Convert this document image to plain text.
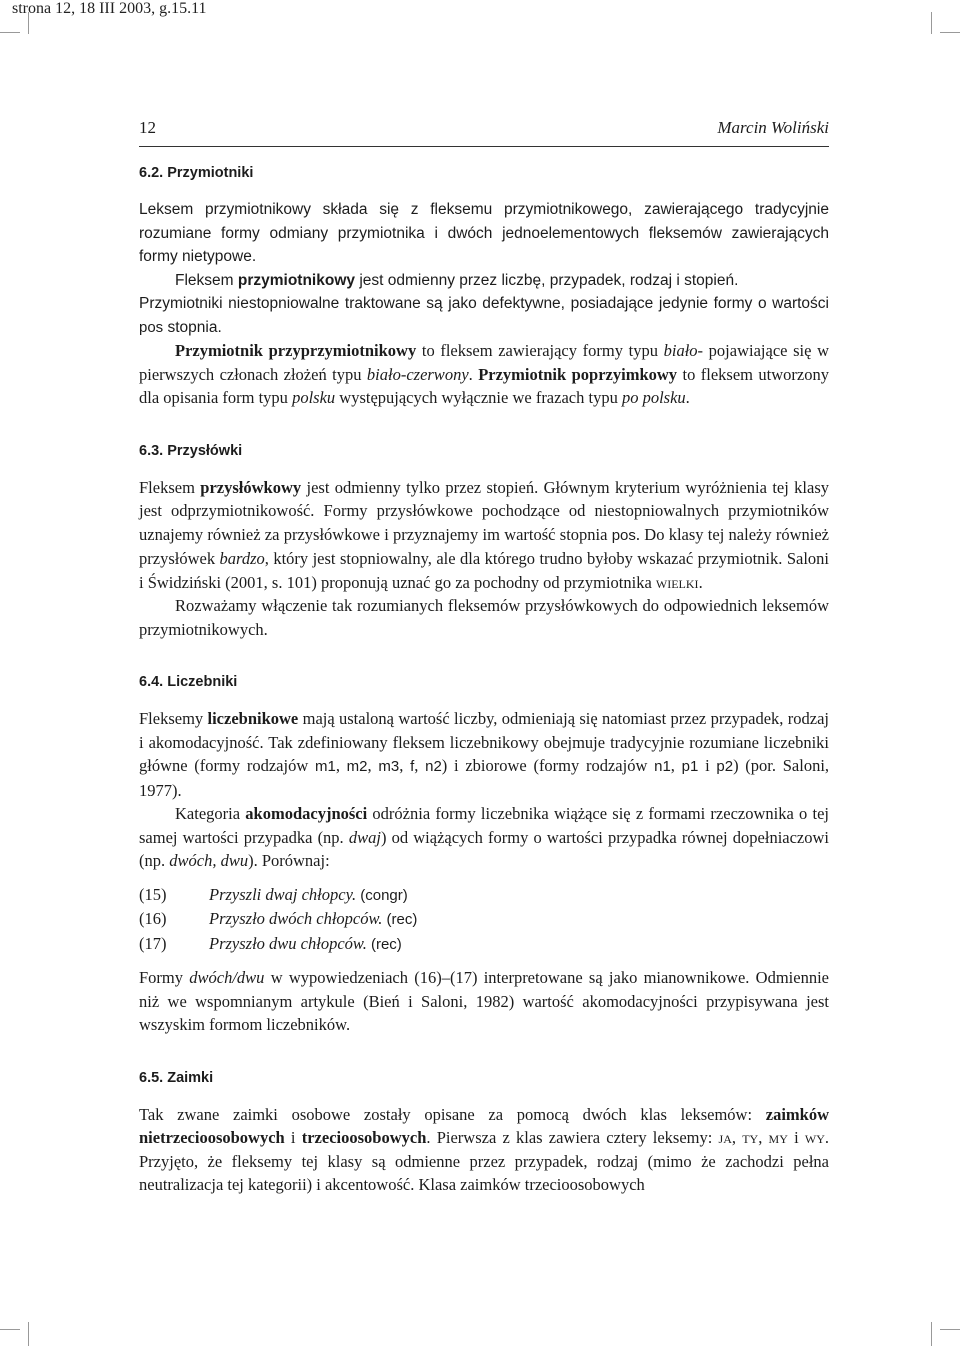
strona 12, 18 III 2003, g.15.11
12	Marcin Woliński
6.2. Przymiotniki

Leksem przymiotnikowy składa się z fleksemu przymiotnikowego, zawierającego tradycyjnie rozumiane formy odmiany przymiotnika i dwóch jednoelementowych fleksemów zawierających formy nietypowe.

Fleksem przymiotnikowy jest odmienny przez liczbę, przypadek, rodzaj i stopień.

Przymiotniki niestopniowalne traktowane są jako defektywne, posiadające jedynie formy o wartości pos stopnia.

Przymiotnik przyprzymiotnikowy to fleksem zawierający formy typu biało- pojawiające się w pierwszych członach złożeń typu biało-czerwony. Przymiotnik poprzyimkowy to fleksem utworzony dla opisania form typu polsku występujących wyłącznie we frazach typu po polsku.

6.3. Przysłówki

Fleksem przysłówkowy jest odmienny tylko przez stopień. Głównym kryterium wyróżnienia tej klasy jest odprzymiotnikowość. Formy przysłówkowe pochodzące od niestopniowalnych przymiotników uznajemy również za przysłówkowe i przyznajemy im wartość stopnia pos. Do klasy tej należy również przysłówek bardzo, który jest stopniowalny, ale dla którego trudno byłoby wskazać przymiotnik. Saloni i Świdziński (2001, s. 101) proponują uznać go za pochodny od przymiotnika wielki.

Rozważamy włączenie tak rozumianych fleksemów przysłówkowych do odpowiednich leksemów przymiotnikowych.

6.4. Liczebniki

Fleksemy liczebnikowe mają ustaloną wartość liczby, odmieniają się natomiast przez przypadek, rodzaj i akomodacyjność. Tak zdefiniowany fleksem liczebnikowy obejmuje tradycyjnie rozumiane liczebniki główne (formy rodzajów m1, m2, m3, f, n2) i zbiorowe (formy rodzajów n1, p1 i p2) (por. Saloni, 1977).

Kategoria akomodacyjności odróżnia formy liczebnika wiążące się z formami rzeczownika o tej samej wartości przypadka (np. dwaj) od wiążących formy o wartości przypadka równej dopełniaczowi (np. dwóch, dwu). Porównaj:

(15)	Przyszli dwaj chłopcy. (congr)
(16)	Przyszło dwóch chłopców. (rec)
(17)	Przyszło dwu chłopców. (rec)

Formy dwóch/dwu w wypowiedzeniach (16)–(17) interpretowane są jako mianownikowe. Odmiennie niż we wspomnianym artykule (Bień i Saloni, 1982) wartość akomodacyjności przypisywana jest wszyskim formom liczebników.

6.5. Zaimki

Tak zwane zaimki osobowe zostały opisane za pomocą dwóch klas leksemów: zaimków nietrzecioosobowych i trzecioosobowych. Pierwsza z klas zawiera cztery leksemy: ja, ty, my i wy. Przyjęto, że fleksemy tej klasy są odmienne przez przypadek, rodzaj (mimo że zachodzi pełna neutralizacja tej kategorii) i akcentowość. Klasa zaimków trzecioosobowych
